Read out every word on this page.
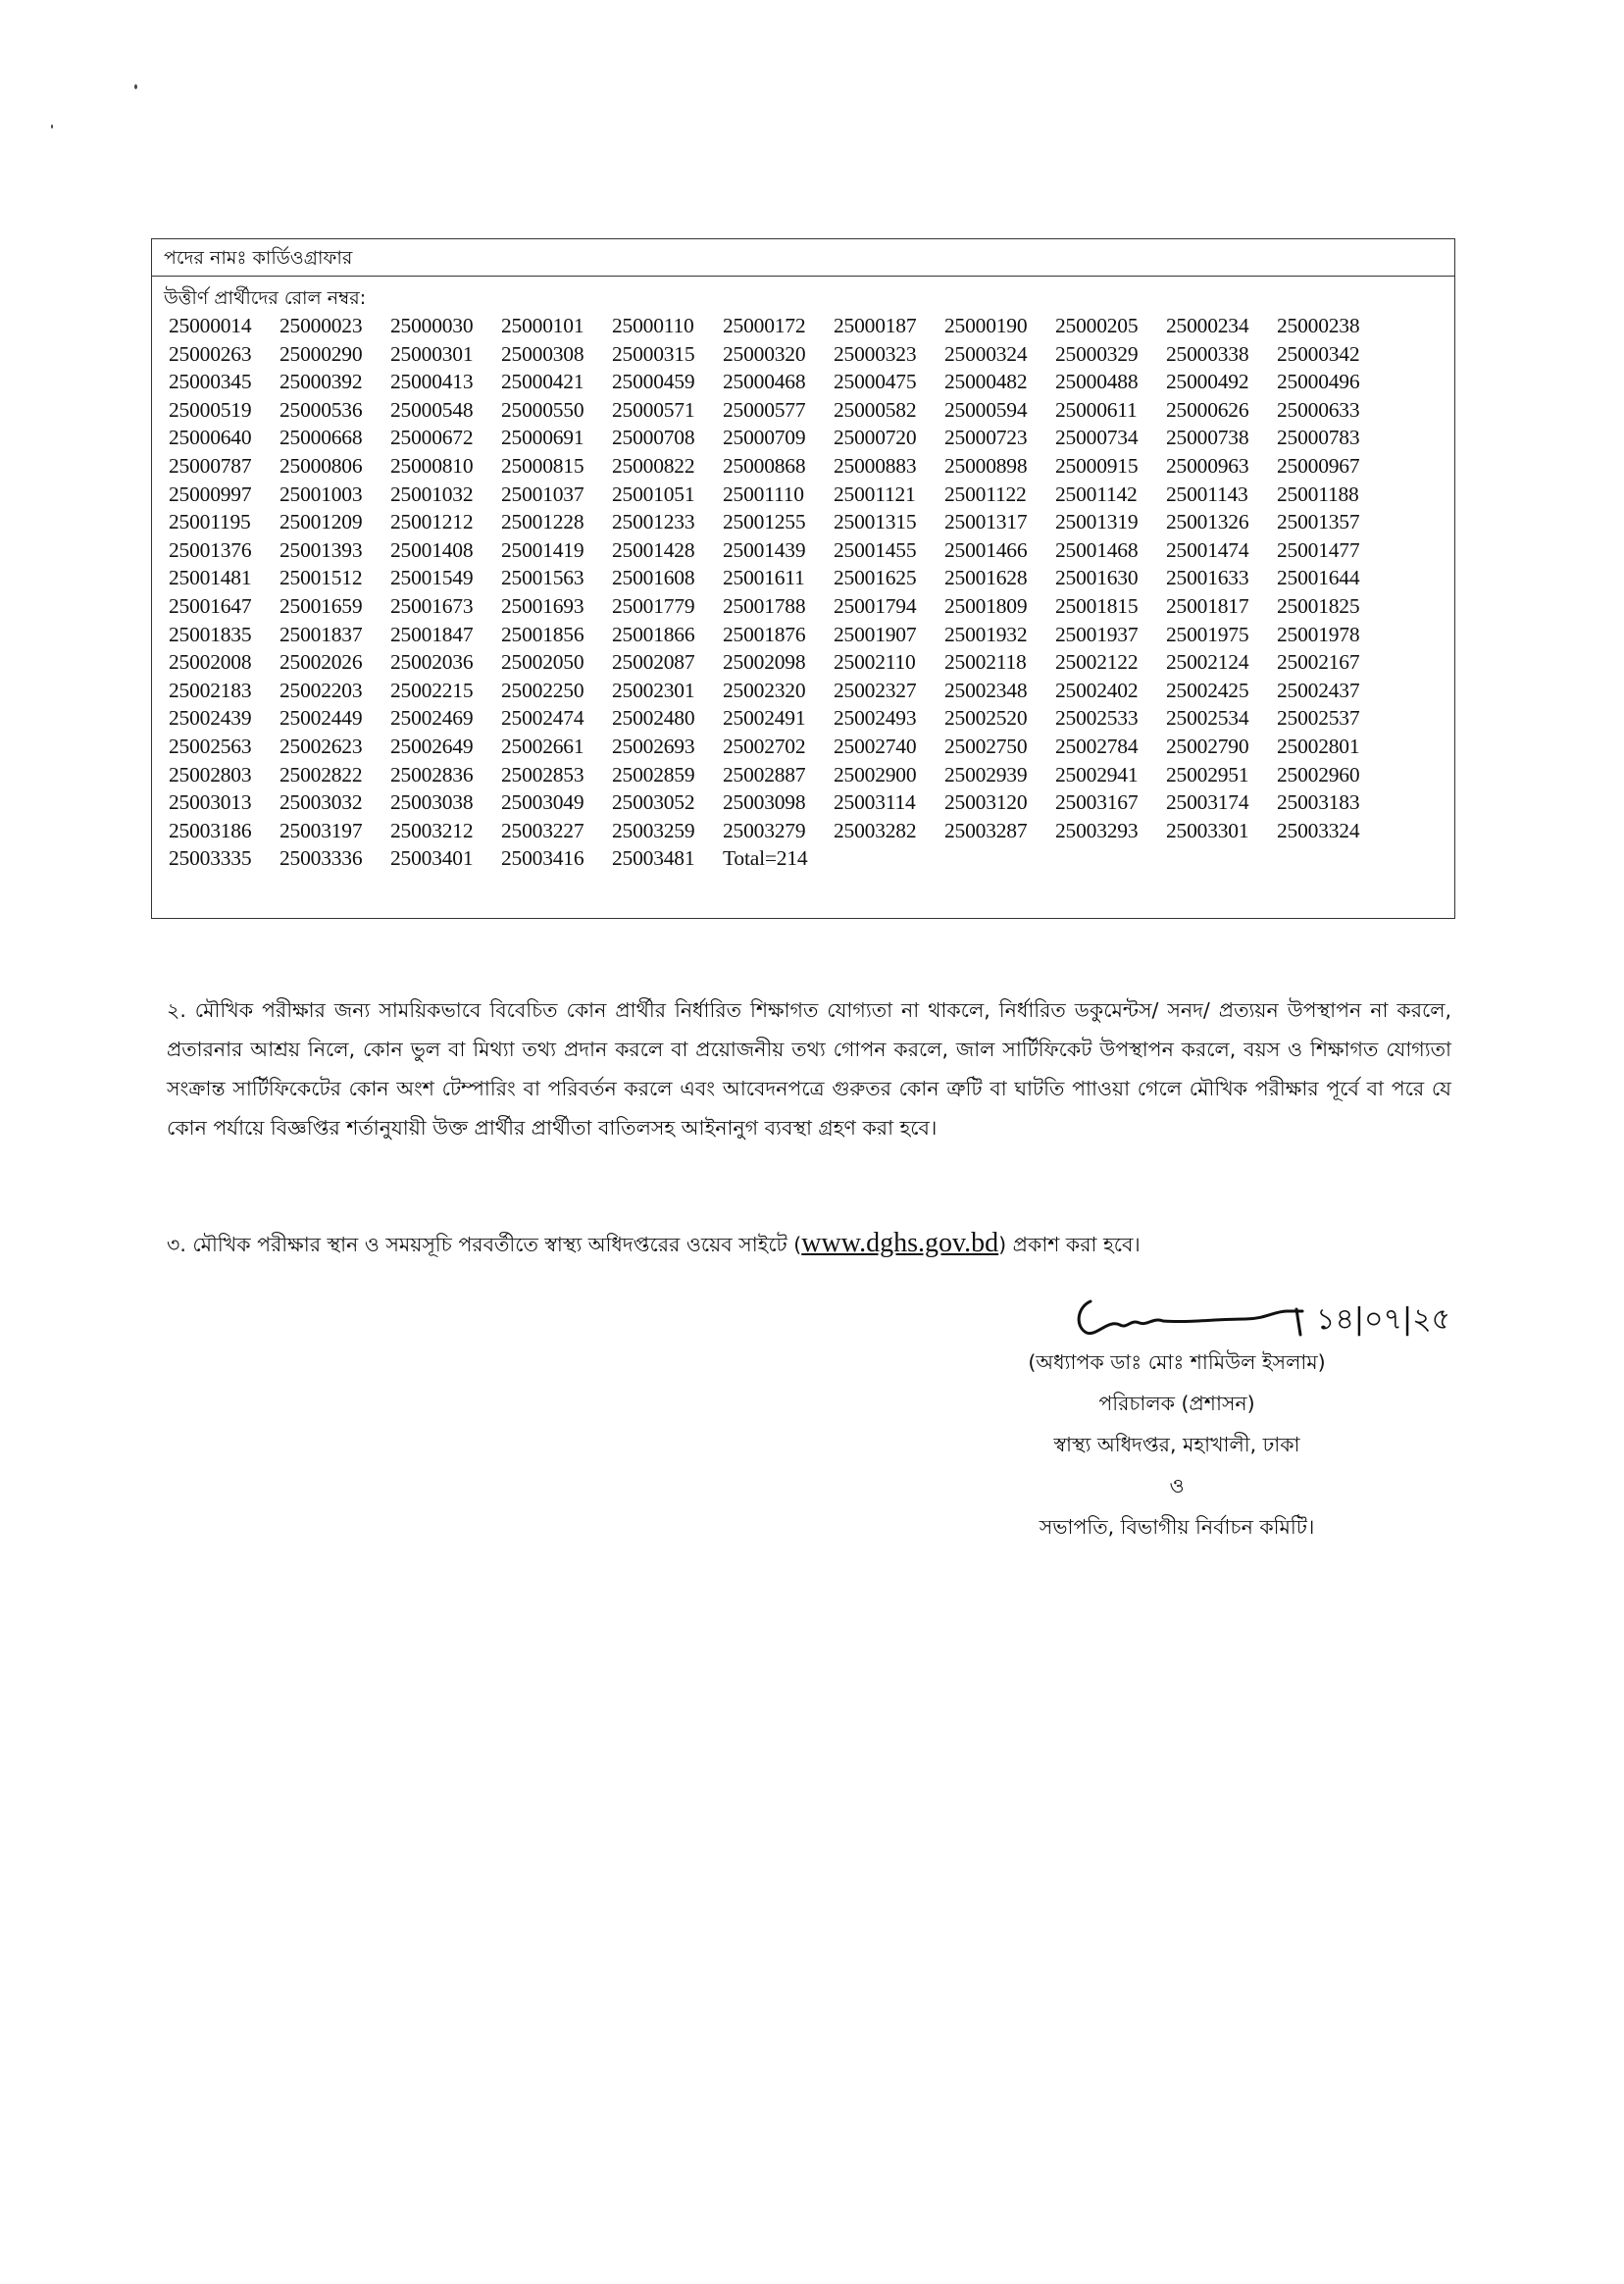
পদের নামঃ কার্ডিওগ্রাফার
উত্তীর্ণ প্রার্থীদের রোল নম্বর:
25000014	25000023	25000030	25000101	25000110	25000172	25000187	25000190	25000205	25000234	25000238
25000263	25000290	25000301	25000308	25000315	25000320	25000323	25000324	25000329	25000338	25000342
25000345	25000392	25000413	25000421	25000459	25000468	25000475	25000482	25000488	25000492	25000496
25000519	25000536	25000548	25000550	25000571	25000577	25000582	25000594	25000611	25000626	25000633
25000640	25000668	25000672	25000691	25000708	25000709	25000720	25000723	25000734	25000738	25000783
25000787	25000806	25000810	25000815	25000822	25000868	25000883	25000898	25000915	25000963	25000967
25000997	25001003	25001032	25001037	25001051	25001110	25001121	25001122	25001142	25001143	25001188
25001195	25001209	25001212	25001228	25001233	25001255	25001315	25001317	25001319	25001326	25001357
25001376	25001393	25001408	25001419	25001428	25001439	25001455	25001466	25001468	25001474	25001477
25001481	25001512	25001549	25001563	25001608	25001611	25001625	25001628	25001630	25001633	25001644
25001647	25001659	25001673	25001693	25001779	25001788	25001794	25001809	25001815	25001817	25001825
25001835	25001837	25001847	25001856	25001866	25001876	25001907	25001932	25001937	25001975	25001978
25002008	25002026	25002036	25002050	25002087	25002098	25002110	25002118	25002122	25002124	25002167
25002183	25002203	25002215	25002250	25002301	25002320	25002327	25002348	25002402	25002425	25002437
25002439	25002449	25002469	25002474	25002480	25002491	25002493	25002520	25002533	25002534	25002537
25002563	25002623	25002649	25002661	25002693	25002702	25002740	25002750	25002784	25002790	25002801
25002803	25002822	25002836	25002853	25002859	25002887	25002900	25002939	25002941	25002951	25002960
25003013	25003032	25003038	25003049	25003052	25003098	25003114	25003120	25003167	25003174	25003183
25003186	25003197	25003212	25003227	25003259	25003279	25003282	25003287	25003293	25003301	25003324
25003335	25003336	25003401	25003416	25003481	Total=214
২. মৌখিক পরীক্ষার জন্য সাময়িকভাবে বিবেচিত কোন প্রার্থীর নির্ধারিত শিক্ষাগত যোগ্যতা না থাকলে, নির্ধারিত ডকুমেন্টস/ সনদ/ প্রত্যয়ন উপস্থাপন না করলে, প্রতারনার আশ্রয় নিলে, কোন ভুল বা মিথ্যা তথ্য প্রদান করলে বা প্রয়োজনীয় তথ্য গোপন করলে, জাল সার্টিফিকেট উপস্থাপন করলে, বয়স ও শিক্ষাগত যোগ্যতা সংক্রান্ত সার্টিফিকেটের কোন অংশ টেম্পারিং বা পরিবর্তন করলে এবং আবেদনপত্রে গুরুতর কোন ত্রুটি বা ঘাটতি পাাওয়া গেলে মৌখিক পরীক্ষার পূর্বে বা পরে যে কোন পর্যায়ে বিজ্ঞপ্তির শর্তানুযায়ী উক্ত প্রার্থীর প্রার্থীতা বাতিলসহ আইনানুগ ব্যবস্থা গ্রহণ করা হবে।
৩. মৌখিক পরীক্ষার স্থান ও সময়সূচি পরবর্তীতে স্বাস্থ্য অধিদপ্তরের ওয়েব সাইটে (www.dghs.gov.bd) প্রকাশ করা হবে।
১৪|০৭|২৫
(অধ্যাপক ডাঃ মোঃ শামিউল ইসলাম)
পরিচালক (প্রশাসন)
স্বাস্থ্য অধিদপ্তর, মহাখালী, ঢাকা
ও
সভাপতি, বিভাগীয় নির্বাচন কমিটি।
